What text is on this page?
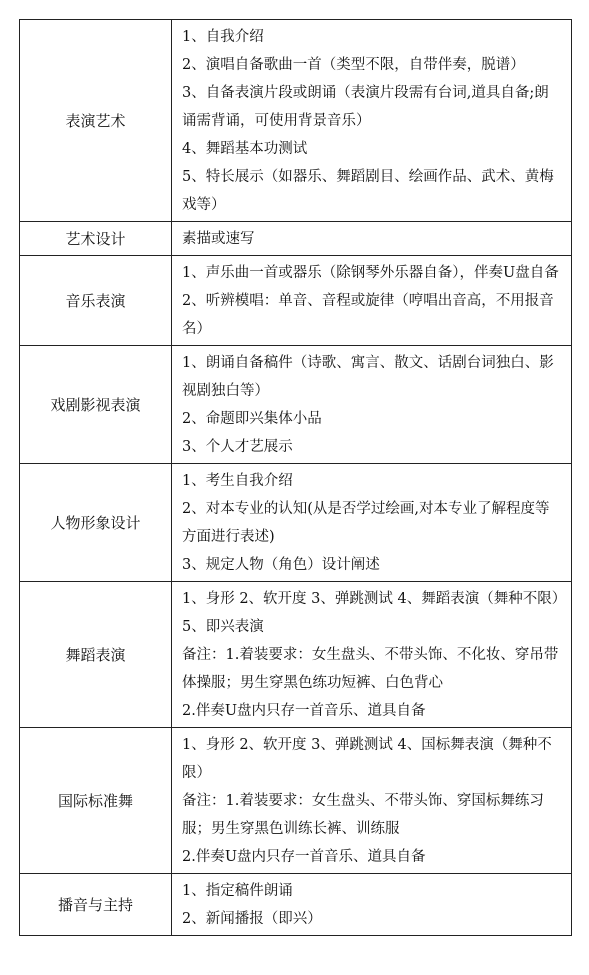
表演艺术	1、自我介绍
2、演唱自备歌曲一首（类型不限，自带伴奏，脱谱）
3、自备表演片段或朗诵（表演片段需有台词,道具自备;朗诵需背诵，可使用背景音乐）
4、舞蹈基本功测试
5、特长展示（如器乐、舞蹈剧目、绘画作品、武术、黄梅戏等）

艺术设计	素描或速写

音乐表演	1、声乐曲一首或器乐（除钢琴外乐器自备），伴奏U盘自备
2、听辨模唱：单音、音程或旋律（哼唱出音高，不用报音名）

戏剧影视表演	1、朗诵自备稿件（诗歌、寓言、散文、话剧台词独白、影视剧独白等）
2、命题即兴集体小品
3、个人才艺展示

人物形象设计	1、考生自我介绍
2、对本专业的认知(从是否学过绘画,对本专业了解程度等方面进行表述)
3、规定人物（角色）设计阐述

舞蹈表演	1、身形 2、软开度 3、弹跳测试 4、舞蹈表演（舞种不限）5、即兴表演
备注：1.着装要求：女生盘头、不带头饰、不化妆、穿吊带体操服；男生穿黑色练功短裤、白色背心
2.伴奏U盘内只存一首音乐、道具自备

国际标准舞	1、身形 2、软开度 3、弹跳测试 4、国标舞表演（舞种不限）
备注：1.着装要求：女生盘头、不带头饰、穿国标舞练习服；男生穿黑色训练长裤、训练服
2.伴奏U盘内只存一首音乐、道具自备

播音与主持	1、指定稿件朗诵
2、新闻播报（即兴）
